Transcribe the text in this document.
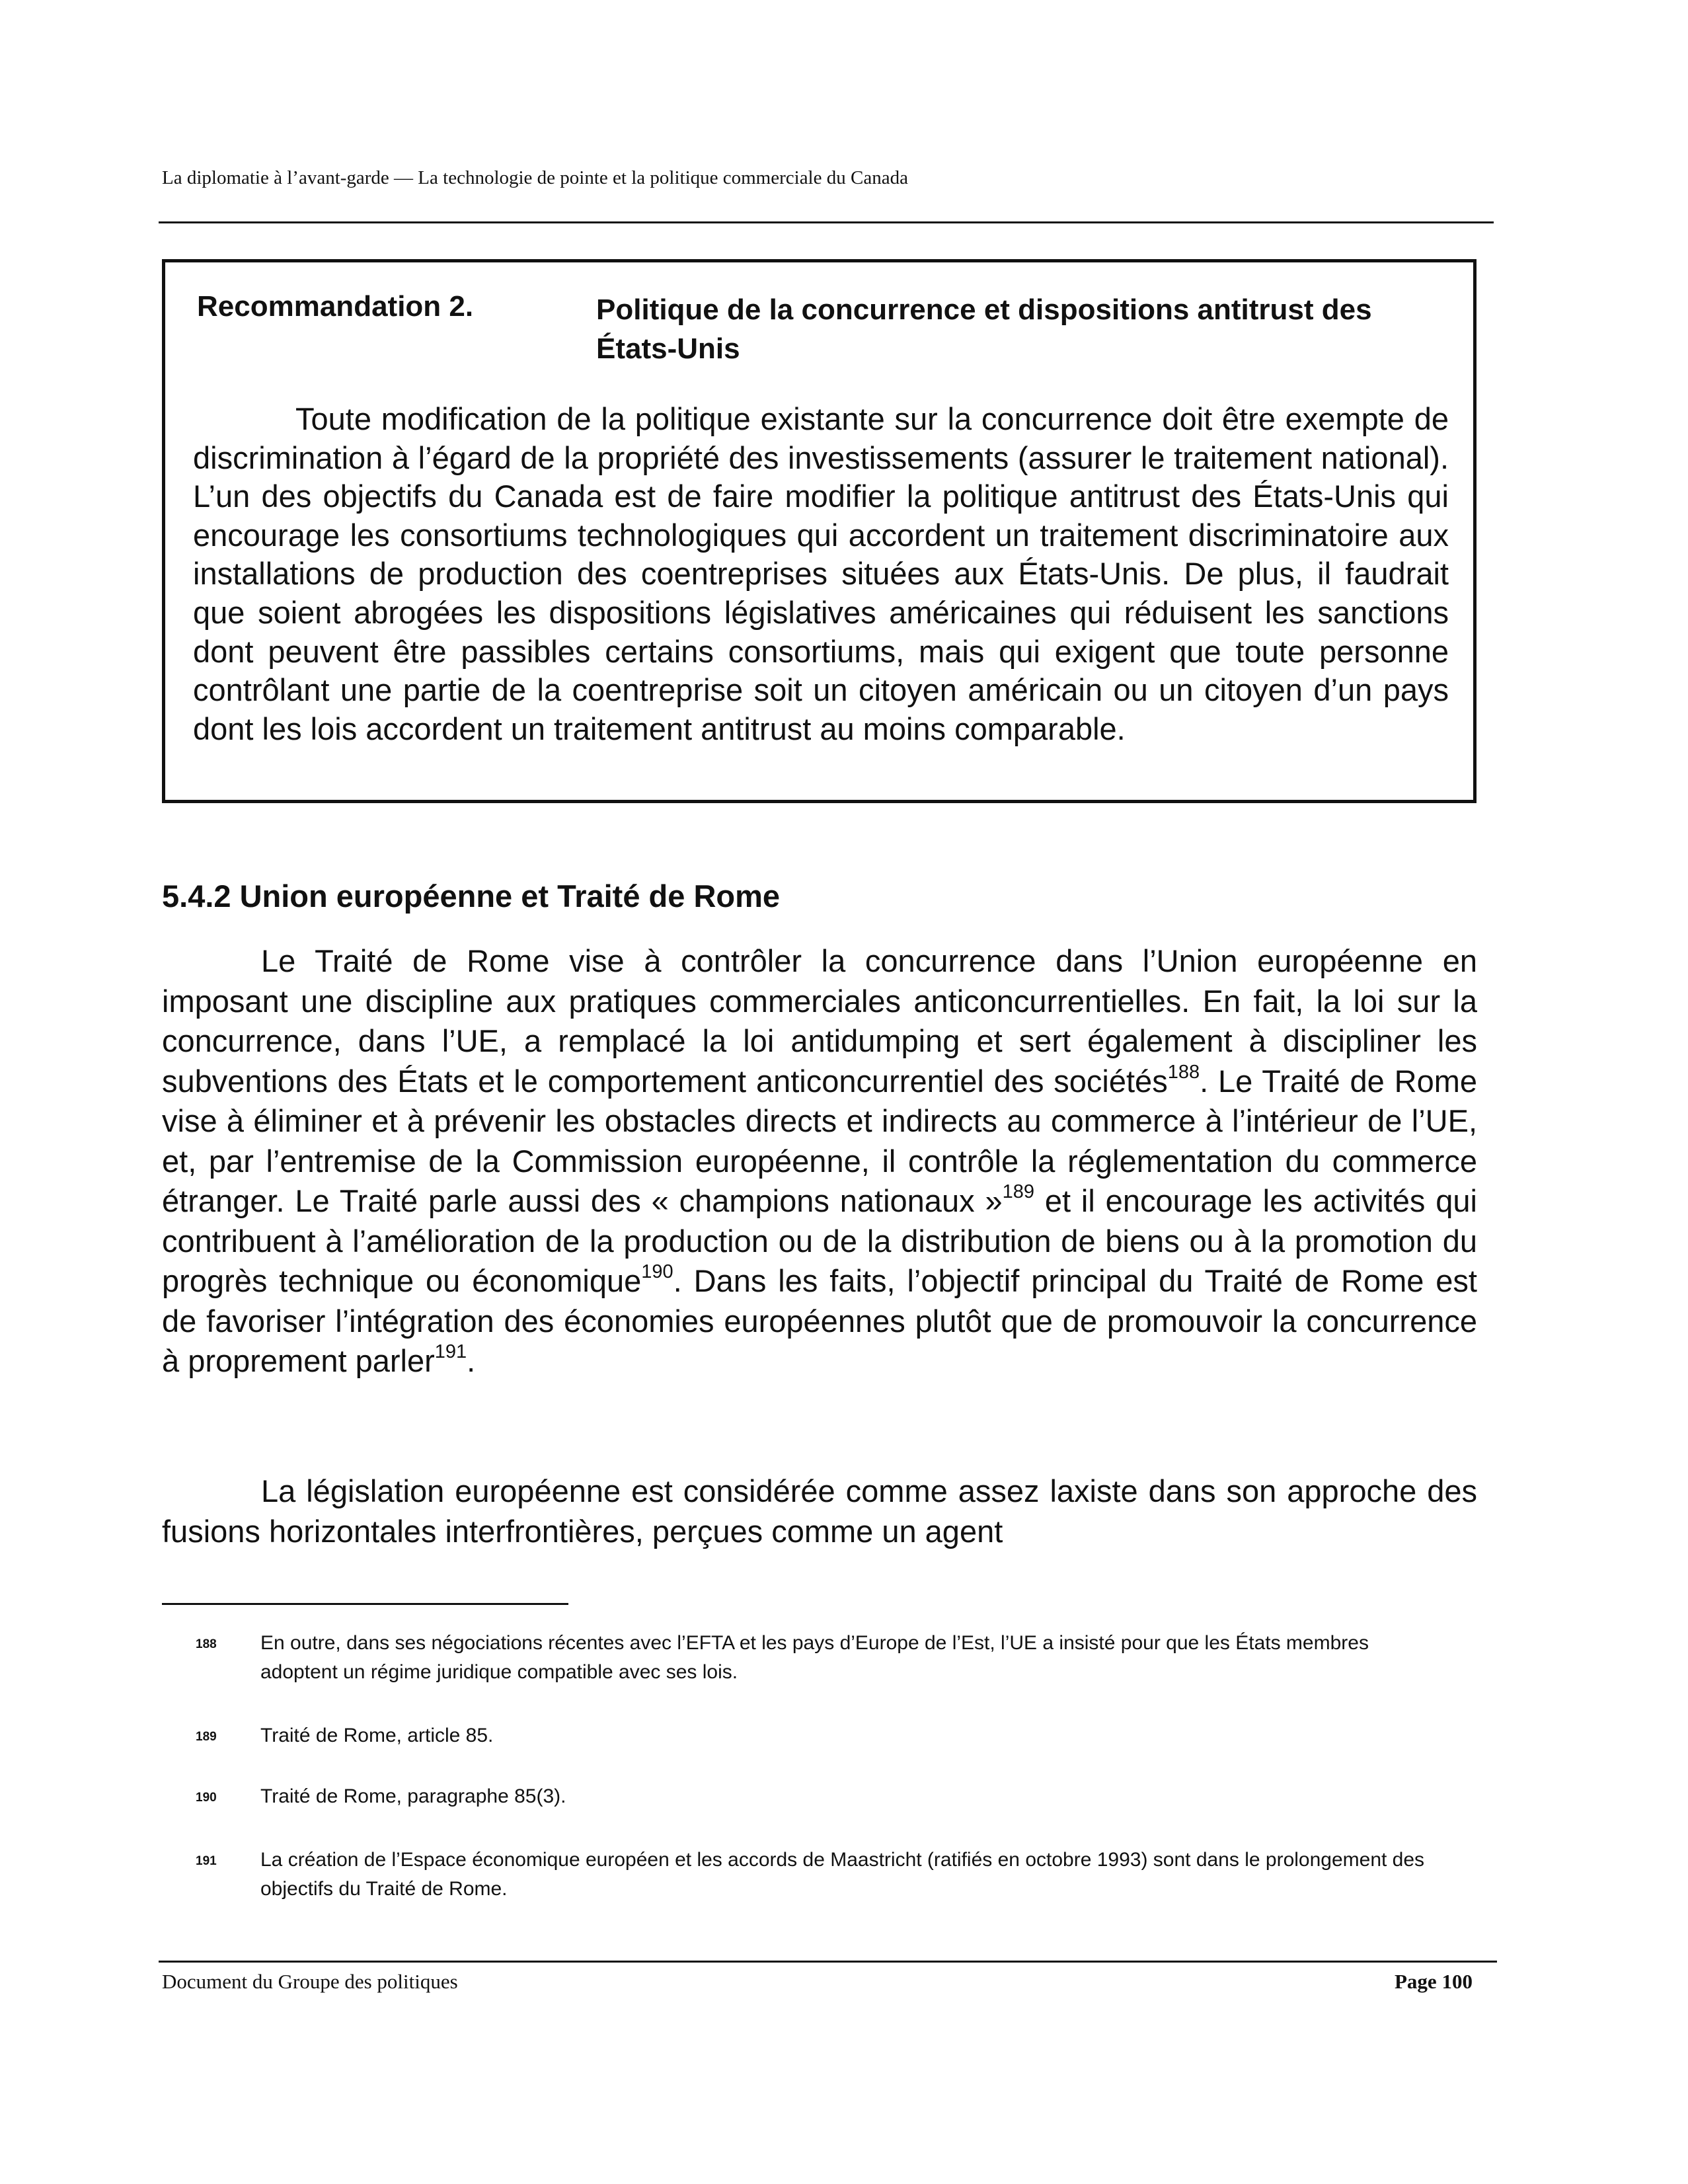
La diplomatie à l’avant-garde — La technologie de pointe et la politique commerciale du Canada
Recommandation 2.	Politique de la concurrence et dispositions antitrust des États-Unis

Toute modification de la politique existante sur la concurrence doit être exempte de discrimination à l’égard de la propriété des investissements (assurer le traitement national). L’un des objectifs du Canada est de faire modifier la politique antitrust des États-Unis qui encourage les consortiums technologiques qui accordent un traitement discriminatoire aux installations de production des coentreprises situées aux États-Unis. De plus, il faudrait que soient abrogées les dispositions législatives américaines qui réduisent les sanctions dont peuvent être passibles certains consortiums, mais qui exigent que toute personne contrôlant une partie de la coentreprise soit un citoyen américain ou un citoyen d’un pays dont les lois accordent un traitement antitrust au moins comparable.

5.4.2 Union européenne et Traité de Rome

Le Traité de Rome vise à contrôler la concurrence dans l’Union européenne en imposant une discipline aux pratiques commerciales anticoncurrentielles. En fait, la loi sur la concurrence, dans l’UE, a remplacé la loi antidumping et sert également à discipliner les subventions des États et le comportement anticoncurrentiel des sociétés$^{188}$. Le Traité de Rome vise à éliminer et à prévenir les obstacles directs et indirects au commerce à l’intérieur de l’UE, et, par l’entremise de la Commission européenne, il contrôle la réglementation du commerce étranger. Le Traité parle aussi des « champions nationaux »$^{189}$ et il encourage les activités qui contribuent à l’amélioration de la production ou de la distribution de biens ou à la promotion du progrès technique ou économique$^{190}$. Dans les faits, l’objectif principal du Traité de Rome est de favoriser l’intégration des économies européennes plutôt que de promouvoir la concurrence à proprement parler$^{191}$.

La législation européenne est considérée comme assez laxiste dans son approche des fusions horizontales interfrontières, perçues comme un agent

188 En outre, dans ses négociations récentes avec l’EFTA et les pays d’Europe de l’Est, l’UE a insisté pour que les États membres adoptent un régime juridique compatible avec ses lois.
189 Traité de Rome, article 85.
190 Traité de Rome, paragraphe 85(3).
191 La création de l’Espace économique européen et les accords de Maastricht (ratifiés en octobre 1993) sont dans le prolongement des objectifs du Traité de Rome.
Document du Groupe des politiques	Page 100
